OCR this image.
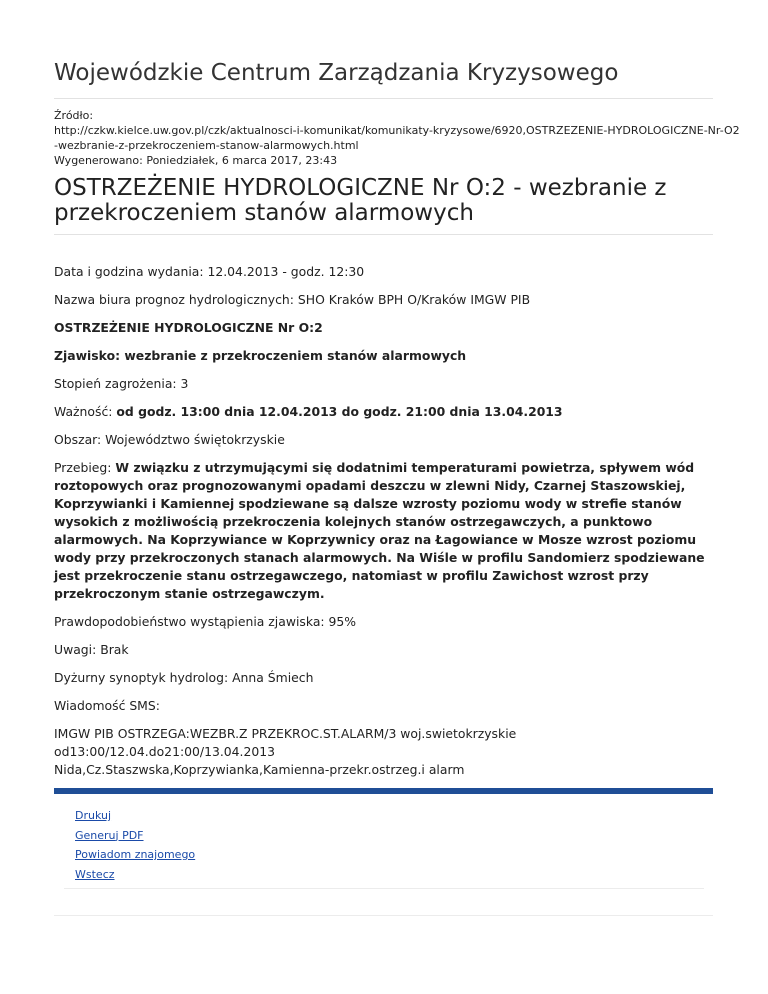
Wojewódzkie Centrum Zarządzania Kryzysowego
Źródło:
http://czkw.kielce.uw.gov.pl/czk/aktualnosci-i-komunikat/komunikaty-kryzysowe/6920,OSTRZEZENIE-HYDROLOGICZNE-Nr-O2
-wezbranie-z-przekroczeniem-stanow-alarmowych.html
Wygenerowano: Poniedziałek, 6 marca 2017, 23:43
OSTRZEŻENIE HYDROLOGICZNE Nr O:2 - wezbranie z przekroczeniem stanów alarmowych

Data i godzina wydania: 12.04.2013 - godz. 12:30

Nazwa biura prognoz hydrologicznych: SHO Kraków BPH O/Kraków IMGW PIB

OSTRZEŻENIE HYDROLOGICZNE Nr O:2

Zjawisko: wezbranie z przekroczeniem stanów alarmowych

Stopień zagrożenia: 3

Ważność: od godz. 13:00 dnia 12.04.2013 do godz. 21:00 dnia 13.04.2013

Obszar: Województwo świętokrzyskie

Przebieg: W związku z utrzymującymi się dodatnimi temperaturami powietrza, spływem wód roztopowych oraz prognozowanymi opadami deszczu w zlewni Nidy, Czarnej Staszowskiej, Koprzywianki i Kamiennej spodziewane są dalsze wzrosty poziomu wody w strefie stanów wysokich z możliwością przekroczenia kolejnych stanów ostrzegawczych, a punktowo alarmowych. Na Koprzywiance w Koprzywnicy oraz na Łagowiance w Mosze wzrost poziomu wody przy przekroczonych stanach alarmowych. Na Wiśle w profilu Sandomierz spodziewane jest przekroczenie stanu ostrzegawczego, natomiast w profilu Zawichost wzrost przy przekroczonym stanie ostrzegawczym.

Prawdopodobieństwo wystąpienia zjawiska: 95%

Uwagi: Brak

Dyżurny synoptyk hydrolog: Anna Śmiech

Wiadomość SMS:

IMGW PIB OSTRZEGA:WEZBR.Z PRZEKROC.ST.ALARM/3 woj.swietokrzyskie od13:00/12.04.do21:00/13.04.2013
Nida,Cz.Staszwska,Koprzywianka,Kamienna-przekr.ostrzeg.i alarm

Drukuj
Generuj PDF
Powiadom znajomego
Wstecz
